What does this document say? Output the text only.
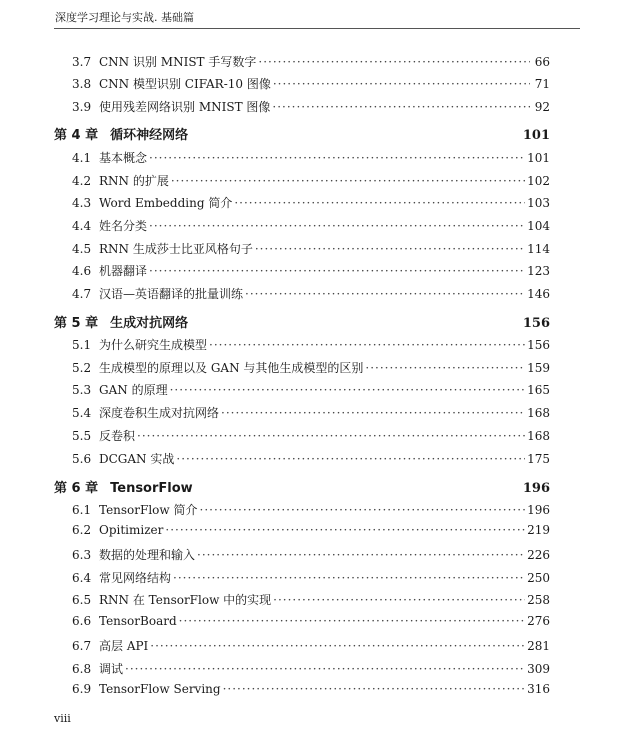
深度学习理论与实战. 基础篇
3.7 CNN 识别 MNIST 手写数字 ·····	66
3.8 CNN 模型识别 CIFAR-10 图像 ·····	71
3.9 使用残差网络识别 MNIST 图像 ·····	92
第 4 章 循环神经网络	101
4.1 基本概念 ·····	101
4.2 RNN 的扩展 ·····	102
4.3 Word Embedding 简介 ·····	103
4.4 姓名分类 ·····	104
4.5 RNN 生成莎士比亚风格句子 ·····	114
4.6 机器翻译 ·····	123
4.7 汉语—英语翻译的批量训练 ·····	146
第 5 章 生成对抗网络	156
5.1 为什么研究生成模型 ·····	156
5.2 生成模型的原理以及 GAN 与其他生成模型的区别 ·····	159
5.3 GAN 的原理 ·····	165
5.4 深度卷积生成对抗网络 ·····	168
5.5 反卷积 ·····	168
5.6 DCGAN 实战 ·····	175
第 6 章 TensorFlow	196
6.1 TensorFlow 简介 ·····	196
6.2 Opitimizer ·····	219
6.3 数据的处理和输入 ·····	226
6.4 常见网络结构 ·····	250
6.5 RNN 在 TensorFlow 中的实现 ·····	258
6.6 TensorBoard ·····	276
6.7 高层 API ·····	281
6.8 调试 ·····	309
6.9 TensorFlow Serving ·····	316
viii
